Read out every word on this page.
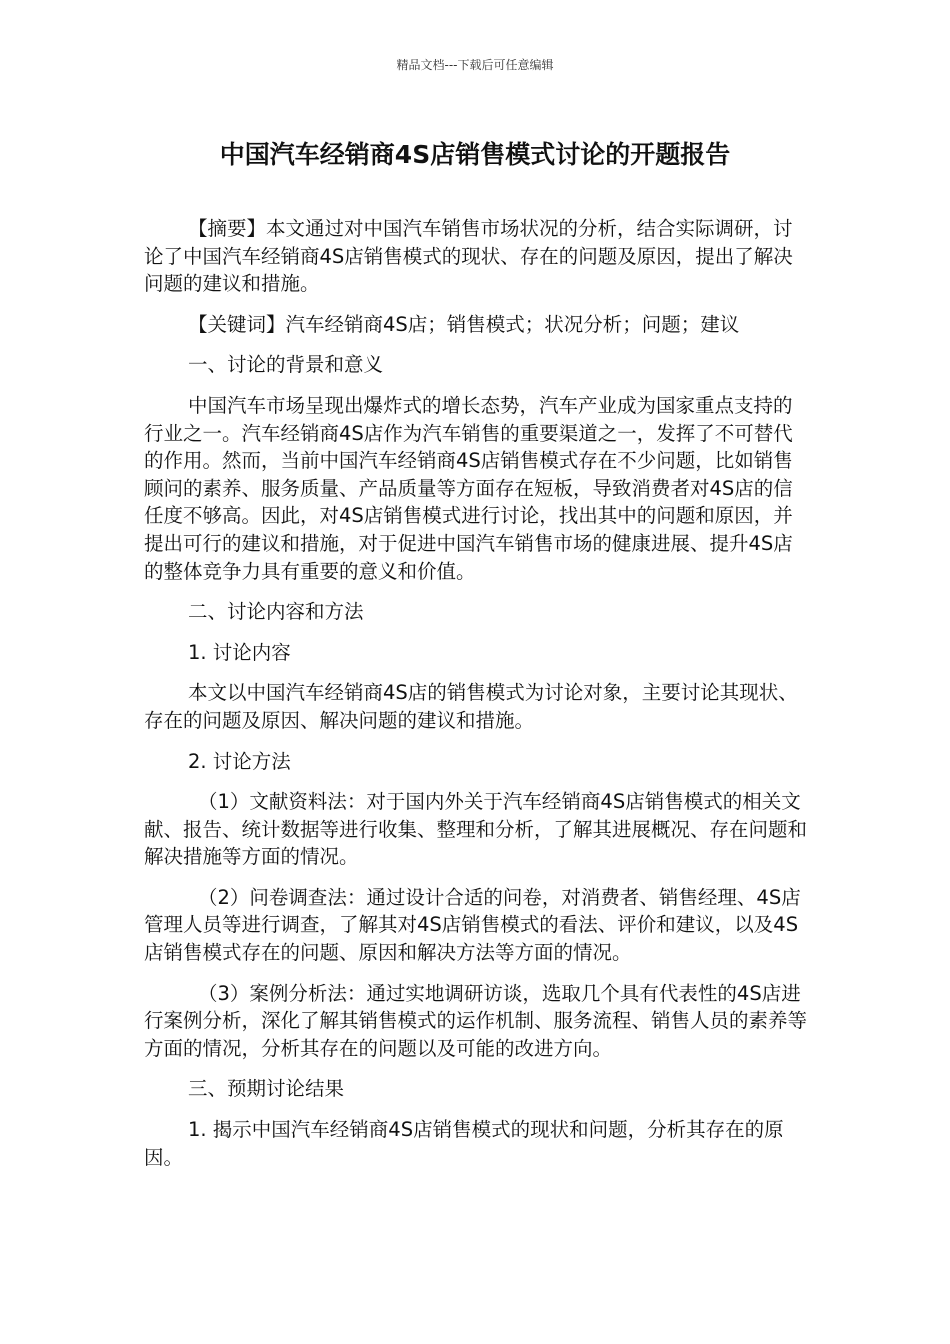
精品文档---下载后可任意编辑
中国汽车经销商4S店销售模式讨论的开题报告

【摘要】本文通过对中国汽车销售市场状况的分析，结合实际调研，讨论了中国汽车经销商4S店销售模式的现状、存在的问题及原因，提出了解决问题的建议和措施。

【关键词】汽车经销商4S店；销售模式；状况分析；问题；建议

一、讨论的背景和意义

中国汽车市场呈现出爆炸式的增长态势，汽车产业成为国家重点支持的行业之一。汽车经销商4S店作为汽车销售的重要渠道之一，发挥了不可替代的作用。然而，当前中国汽车经销商4S店销售模式存在不少问题，比如销售顾问的素养、服务质量、产品质量等方面存在短板，导致消费者对4S店的信任度不够高。因此，对4S店销售模式进行讨论，找出其中的问题和原因，并提出可行的建议和措施，对于促进中国汽车销售市场的健康进展、提升4S店的整体竞争力具有重要的意义和价值。

二、讨论内容和方法

1. 讨论内容

本文以中国汽车经销商4S店的销售模式为讨论对象，主要讨论其现状、存在的问题及原因、解决问题的建议和措施。

2. 讨论方法

（1）文献资料法：对于国内外关于汽车经销商4S店销售模式的相关文献、报告、统计数据等进行收集、整理和分析，了解其进展概况、存在问题和解决措施等方面的情况。

（2）问卷调查法：通过设计合适的问卷，对消费者、销售经理、4S店管理人员等进行调查，了解其对4S店销售模式的看法、评价和建议，以及4S店销售模式存在的问题、原因和解决方法等方面的情况。

（3）案例分析法：通过实地调研访谈，选取几个具有代表性的4S店进行案例分析，深化了解其销售模式的运作机制、服务流程、销售人员的素养等方面的情况，分析其存在的问题以及可能的改进方向。

三、预期讨论结果

1. 揭示中国汽车经销商4S店销售模式的现状和问题，分析其存在的原因。
